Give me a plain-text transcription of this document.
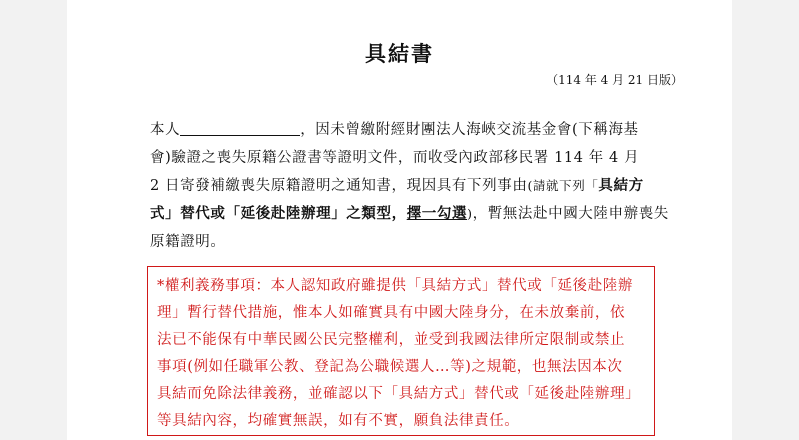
具結書
（114 年 4 月 21 日版）
本人	，因未曾繳附經財團法人海峽交流基金會(下稱海基
會)驗證之喪失原籍公證書等證明文件，而收受內政部移民署 114 年 4 月
2 日寄發補繳喪失原籍證明之通知書，現因具有下列事由(請就下列「具結方
式」替代或「延後赴陸辦理」之類型，擇一勾選)，暫無法赴中國大陸申辦喪失
原籍證明。
*權利義務事項：本人認知政府雖提供「具結方式」替代或「延後赴陸辦
理」暫行替代措施，惟本人如確實具有中國大陸身分，在未放棄前，依
法已不能保有中華民國公民完整權利，並受到我國法律所定限制或禁止
事項(例如任職軍公教、登記為公職候選人…等)之規範，也無法因本次
具結而免除法律義務，並確認以下「具結方式」替代或「延後赴陸辦理」
等具結內容，均確實無誤，如有不實，願負法律責任。
